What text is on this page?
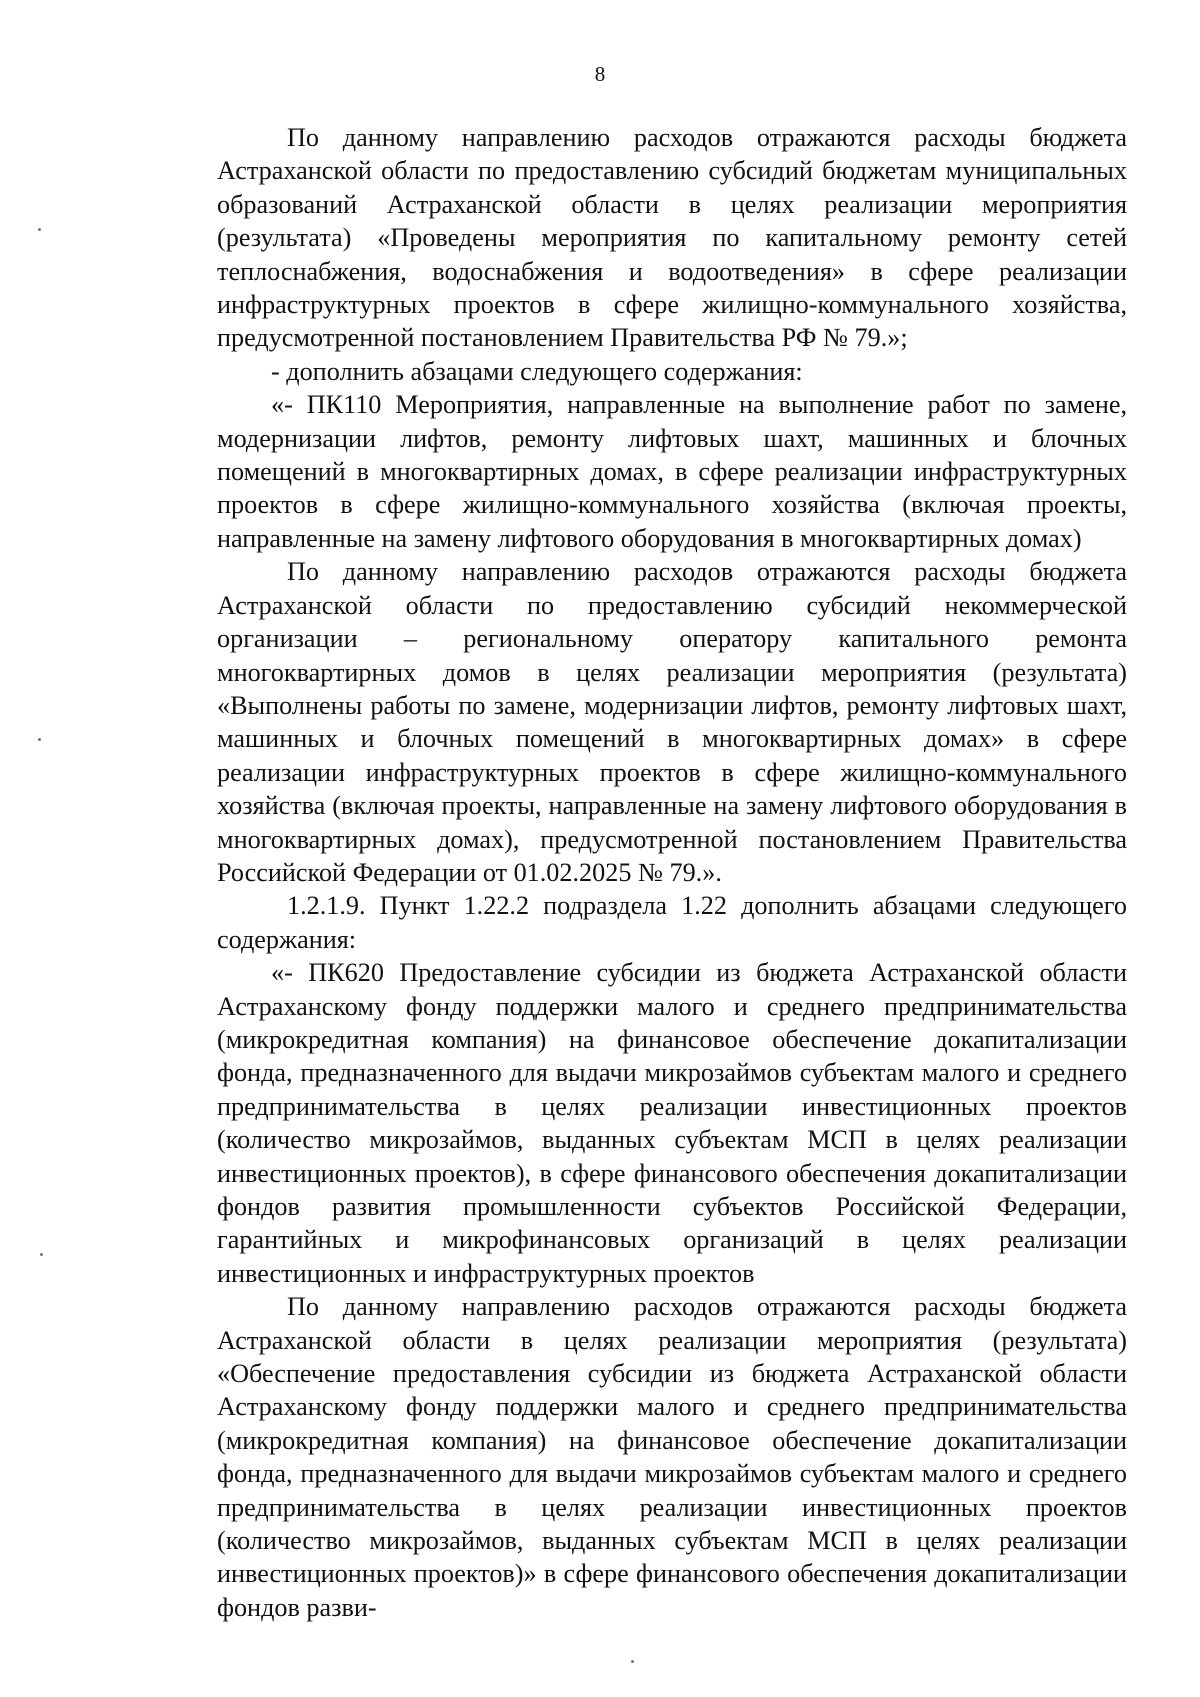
8

По данному направлению расходов отражаются расходы бюджета Астраханской области по предоставлению субсидий бюджетам муниципальных образований Астраханской области в целях реализации мероприятия (результата) «Проведены мероприятия по капитальному ремонту сетей теплоснабжения, водоснабжения и водоотведения» в сфере реализации инфраструктурных проектов в сфере жилищно-коммунального хозяйства, предусмотренной постановлением Правительства РФ № 79.»;

- дополнить абзацами следующего содержания:

«- ПК110 Мероприятия, направленные на выполнение работ по замене, модернизации лифтов, ремонту лифтовых шахт, машинных и блочных помещений в многоквартирных домах, в сфере реализации инфраструктурных проектов в сфере жилищно-коммунального хозяйства (включая проекты, направленные на замену лифтового оборудования в многоквартирных домах)

По данному направлению расходов отражаются расходы бюджета Астраханской области по предоставлению субсидий некоммерческой организации – региональному оператору капитального ремонта многоквартирных домов в целях реализации мероприятия (результата) «Выполнены работы по замене, модернизации лифтов, ремонту лифтовых шахт, машинных и блочных помещений в многоквартирных домах» в сфере реализации инфраструктурных проектов в сфере жилищно-коммунального хозяйства (включая проекты, направленные на замену лифтового оборудования в многоквартирных домах), предусмотренной постановлением Правительства Российской Федерации от 01.02.2025 № 79.».

1.2.1.9. Пункт 1.22.2 подраздела 1.22 дополнить абзацами следующего содержания:

«- ПК620 Предоставление субсидии из бюджета Астраханской области Астраханскому фонду поддержки малого и среднего предпринимательства (микрокредитная компания) на финансовое обеспечение докапитализации фонда, предназначенного для выдачи микрозаймов субъектам малого и среднего предпринимательства в целях реализации инвестиционных проектов (количество микрозаймов, выданных субъектам МСП в целях реализации инвестиционных проектов), в сфере финансового обеспечения докапитализации фондов развития промышленности субъектов Российской Федерации, гарантийных и микрофинансовых организаций в целях реализации инвестиционных и инфраструктурных проектов

По данному направлению расходов отражаются расходы бюджета Астраханской области в целях реализации мероприятия (результата) «Обеспечение предоставления субсидии из бюджета Астраханской области Астраханскому фонду поддержки малого и среднего предпринимательства (микрокредитная компания) на финансовое обеспечение докапитализации фонда, предназначенного для выдачи микрозаймов субъектам малого и среднего предпринимательства в целях реализации инвестиционных проектов (количество микрозаймов, выданных субъектам МСП в целях реализации инвестиционных проектов)» в сфере финансового обеспечения докапитализации фондов разви-
